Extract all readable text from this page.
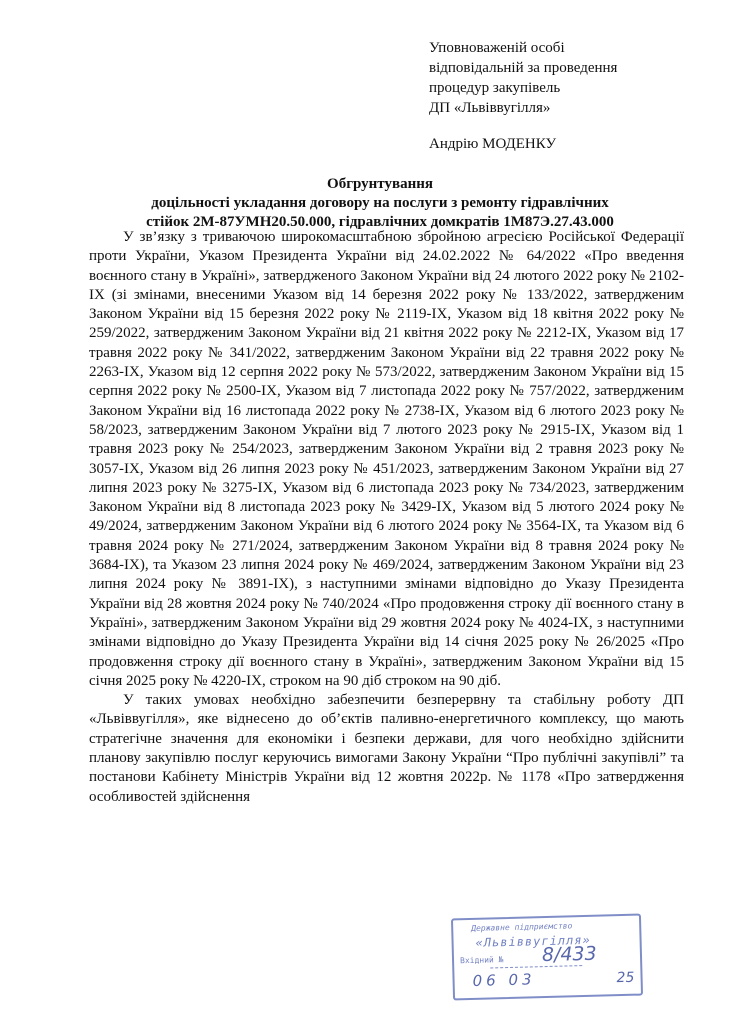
Уповноваженій особі
відповідальній за проведення
процедур закупівель
ДП «Львіввугілля»
Андрію МОДЕНКУ
Обгрунтування
доцільності укладання договору на послуги з ремонту гідравлічних
стійок 2М-87УМН20.50.000, гідравлічних домкратів 1М87Э.27.43.000

У зв’язку з триваючою широкомасштабною збройною агресією Російської Федерації проти України, Указом Президента України від 24.02.2022 № 64/2022 «Про введення воєнного стану в Україні», затвердженого Законом України від 24 лютого 2022 року № 2102-IX (зі змінами, внесеними Указом від 14 березня 2022 року № 133/2022, затвердженим Законом України від 15 березня 2022 року № 2119-IX, Указом від 18 квітня 2022 року № 259/2022, затвердженим Законом України від 21 квітня 2022 року № 2212-IX, Указом від 17 травня 2022 року № 341/2022, затвердженим Законом України від 22 травня 2022 року № 2263-IX, Указом від 12 серпня 2022 року № 573/2022, затвердженим Законом України від 15 серпня 2022 року № 2500-IX, Указом від 7 листопада 2022 року № 757/2022, затвердженим Законом України від 16 листопада 2022 року № 2738-IX, Указом від 6 лютого 2023 року № 58/2023, затвердженим Законом України від 7 лютого 2023 року № 2915-IX, Указом від 1 травня 2023 року № 254/2023, затвердженим Законом України від 2 травня 2023 року № 3057-IX, Указом від 26 липня 2023 року № 451/2023, затвердженим Законом України від 27 липня 2023 року № 3275-IX, Указом від 6 листопада 2023 року № 734/2023, затвердженим Законом України від 8 листопада 2023 року № 3429-IX, Указом від 5 лютого 2024 року № 49/2024, затвердженим Законом України від 6 лютого 2024 року № 3564-IX, та Указом від 6 травня 2024 року № 271/2024, затвердженим Законом України від 8 травня 2024 року № 3684-IX), та Указом 23 липня 2024 року № 469/2024, затвердженим Законом України від 23 липня 2024 року № 3891-IX), з наступними змінами відповідно до Указу Президента України від 28 жовтня 2024 року № 740/2024 «Про продовження строку дії воєнного стану в Україні», затвердженим Законом України від 29 жовтня 2024 року № 4024-IX, з наступними змінами відповідно до Указу Президента України від 14 січня 2025 року № 26/2025 «Про продовження строку дії воєнного стану в Україні», затвердженим Законом України від 15 січня 2025 року № 4220-IX, строком на 90 діб строком на 90 діб.

У таких умовах необхідно забезпечити безперервну та стабільну роботу ДП «Львіввугілля», яке віднесено до об’єктів паливно-енергетичного комплексу, що мають стратегічне значення для економіки і безпеки держави, для чого необхідно здійснити планову закупівлю послуг керуючись вимогами Закону України “Про публічні закупівлі” та постанови Кабінету Міністрів України від 12 жовтня 2022р. № 1178 «Про затвердження особливостей здійснення

Державне підприємство
«Львіввугілля»
Вхідний № 8/433
06 03	25
